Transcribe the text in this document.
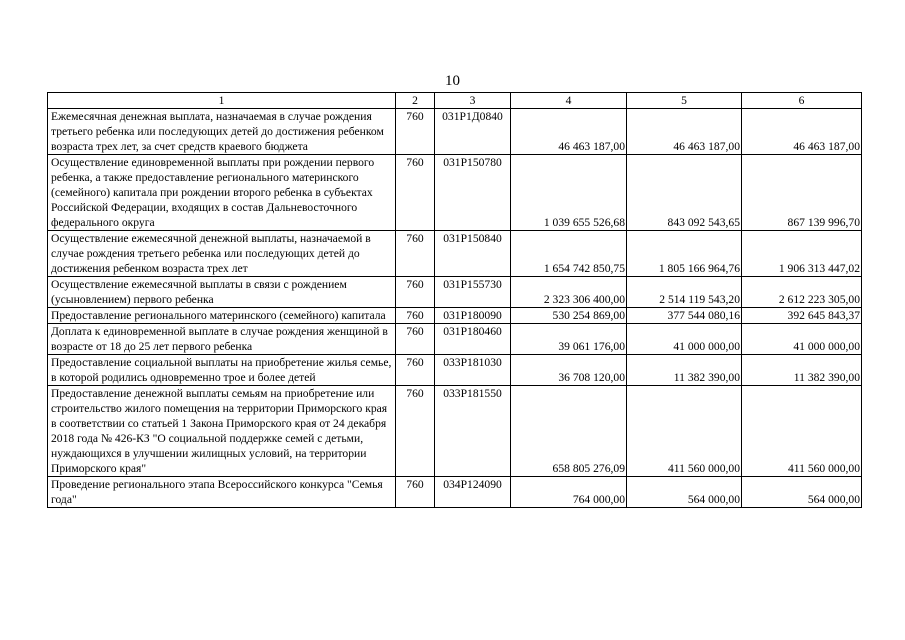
10
1	2	3	4	5	6
Ежемесячная денежная выплата, назначаемая в случае рождения третьего ребенка или последующих детей до достижения ребенком возраста трех лет, за счет средств краевого бюджета	760	031P1Д0840	46 463 187,00	46 463 187,00	46 463 187,00
Осуществление единовременной выплаты при рождении первого ребенка, а также предоставление регионального материнского (семейного) капитала при рождении второго ребенка в субъектах Российской Федерации, входящих в состав Дальневосточного федерального округа	760	031P150780	1 039 655 526,68	843 092 543,65	867 139 996,70
Осуществление ежемесячной денежной выплаты, назначаемой в случае рождения третьего ребенка или последующих детей до достижения ребенком возраста трех лет	760	031P150840	1 654 742 850,75	1 805 166 964,76	1 906 313 447,02
Осуществление ежемесячной выплаты в связи с рождением (усыновлением) первого ребенка	760	031P155730	2 323 306 400,00	2 514 119 543,20	2 612 223 305,00
Предоставление регионального материнского (семейного) капитала	760	031P180090	530 254 869,00	377 544 080,16	392 645 843,37
Доплата к единовременной выплате в случае рождения женщиной в возрасте от 18 до 25 лет первого ребенка	760	031P180460	39 061 176,00	41 000 000,00	41 000 000,00
Предоставление социальной выплаты на приобретение жилья семье, в которой родились одновременно трое и более детей	760	033P181030	36 708 120,00	11 382 390,00	11 382 390,00
Предоставление денежной выплаты семьям на приобретение или строительство жилого помещения на территории Приморского края в соответствии со статьей 1 Закона Приморского края от 24 декабря 2018 года № 426-КЗ "О социальной поддержке семей с детьми, нуждающихся в улучшении жилищных условий, на территории Приморского края"	760	033P181550	658 805 276,09	411 560 000,00	411 560 000,00
Проведение регионального этапа Всероссийского конкурса "Семья года"	760	034P124090	764 000,00	564 000,00	564 000,00
